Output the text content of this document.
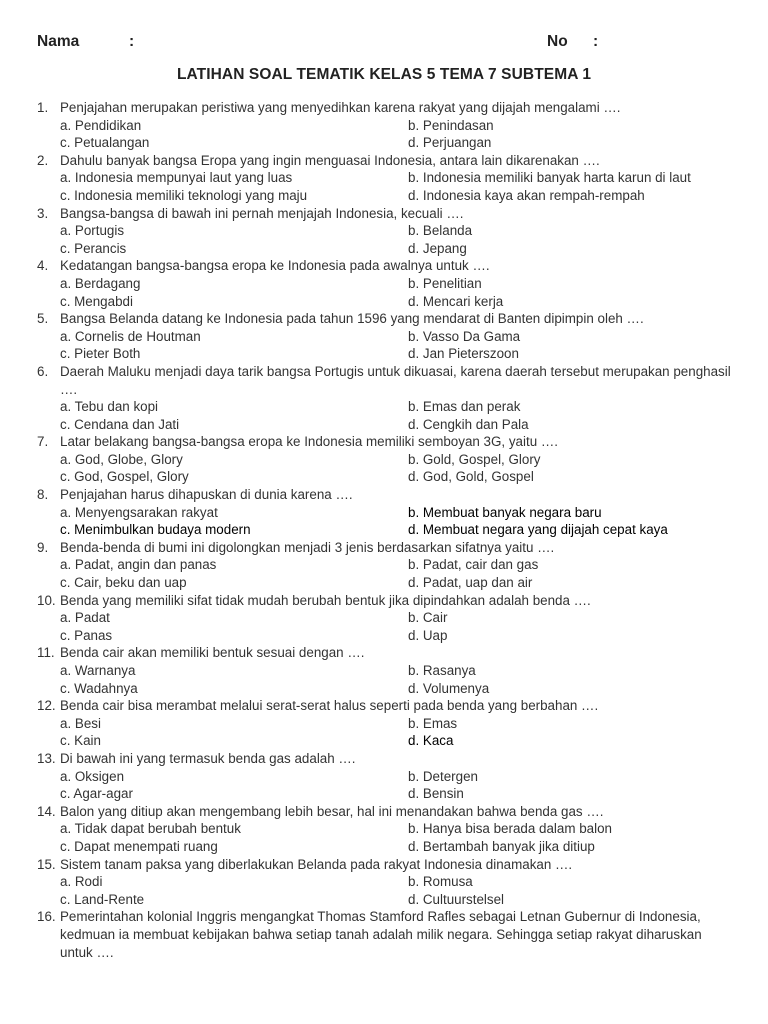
Nama	:	No :
LATIHAN SOAL TEMATIK KELAS 5 TEMA 7 SUBTEMA 1
1. Penjajahan merupakan peristiwa yang menyedihkan karena rakyat yang dijajah mengalami ….
a. Pendidikan	b. Penindasan
c. Petualangan	d. Perjuangan
2. Dahulu banyak bangsa Eropa yang ingin menguasai Indonesia, antara lain dikarenakan ….
a. Indonesia mempunyai laut yang luas	b. Indonesia memiliki banyak harta karun di laut
c. Indonesia memiliki teknologi yang maju	d. Indonesia kaya akan rempah-rempah
3. Bangsa-bangsa di bawah ini pernah menjajah Indonesia, kecuali ….
a. Portugis	b. Belanda
c. Perancis	d. Jepang
4. Kedatangan bangsa-bangsa eropa ke Indonesia pada awalnya untuk ….
a. Berdagang	b. Penelitian
c. Mengabdi	d. Mencari kerja
5. Bangsa Belanda datang ke Indonesia pada tahun 1596 yang mendarat di Banten dipimpin oleh ….
a. Cornelis de Houtman	b. Vasso Da Gama
c. Pieter Both	d. Jan Pieterszoon
6. Daerah Maluku menjadi daya tarik bangsa Portugis untuk dikuasai, karena daerah tersebut merupakan penghasil ….
a. Tebu dan kopi	b. Emas dan perak
c. Cendana dan Jati	d. Cengkih dan Pala
7. Latar belakang bangsa-bangsa eropa ke Indonesia memiliki semboyan 3G, yaitu ….
a. God, Globe, Glory	b. Gold, Gospel, Glory
c. God, Gospel, Glory	d. God, Gold, Gospel
8. Penjajahan harus dihapuskan di dunia karena ….
a. Menyengsarakan rakyat	b. Membuat banyak negara baru
c. Menimbulkan budaya modern	d. Membuat negara yang dijajah cepat kaya
9. Benda-benda di bumi ini digolongkan menjadi 3 jenis berdasarkan sifatnya yaitu ….
a. Padat, angin dan panas	b. Padat, cair dan gas
c. Cair, beku dan uap	d. Padat, uap dan air
10. Benda yang memiliki sifat tidak mudah berubah bentuk jika dipindahkan adalah benda ….
a. Padat	b. Cair
c. Panas	d. Uap
11. Benda cair akan memiliki bentuk sesuai dengan ….
a. Warnanya	b. Rasanya
c. Wadahnya	d. Volumenya
12. Benda cair bisa merambat melalui serat-serat halus seperti pada benda yang berbahan ….
a. Besi	b. Emas
c. Kain	d. Kaca
13. Di bawah ini yang termasuk benda gas adalah ….
a. Oksigen	b. Detergen
c. Agar-agar	d. Bensin
14. Balon yang ditiup akan mengembang lebih besar, hal ini menandakan bahwa benda gas ….
a. Tidak dapat berubah bentuk	b. Hanya bisa berada dalam balon
c. Dapat menempati ruang	d. Bertambah banyak jika ditiup
15. Sistem tanam paksa yang diberlakukan Belanda pada rakyat Indonesia dinamakan ….
a. Rodi	b. Romusa
c. Land-Rente	d. Cultuurstelsel
16. Pemerintahan kolonial Inggris mengangkat Thomas Stamford Rafles sebagai Letnan Gubernur di Indonesia, kedmuan ia membuat kebijakan bahwa setiap tanah adalah milik negara. Sehingga setiap rakyat diharuskan untuk ….
